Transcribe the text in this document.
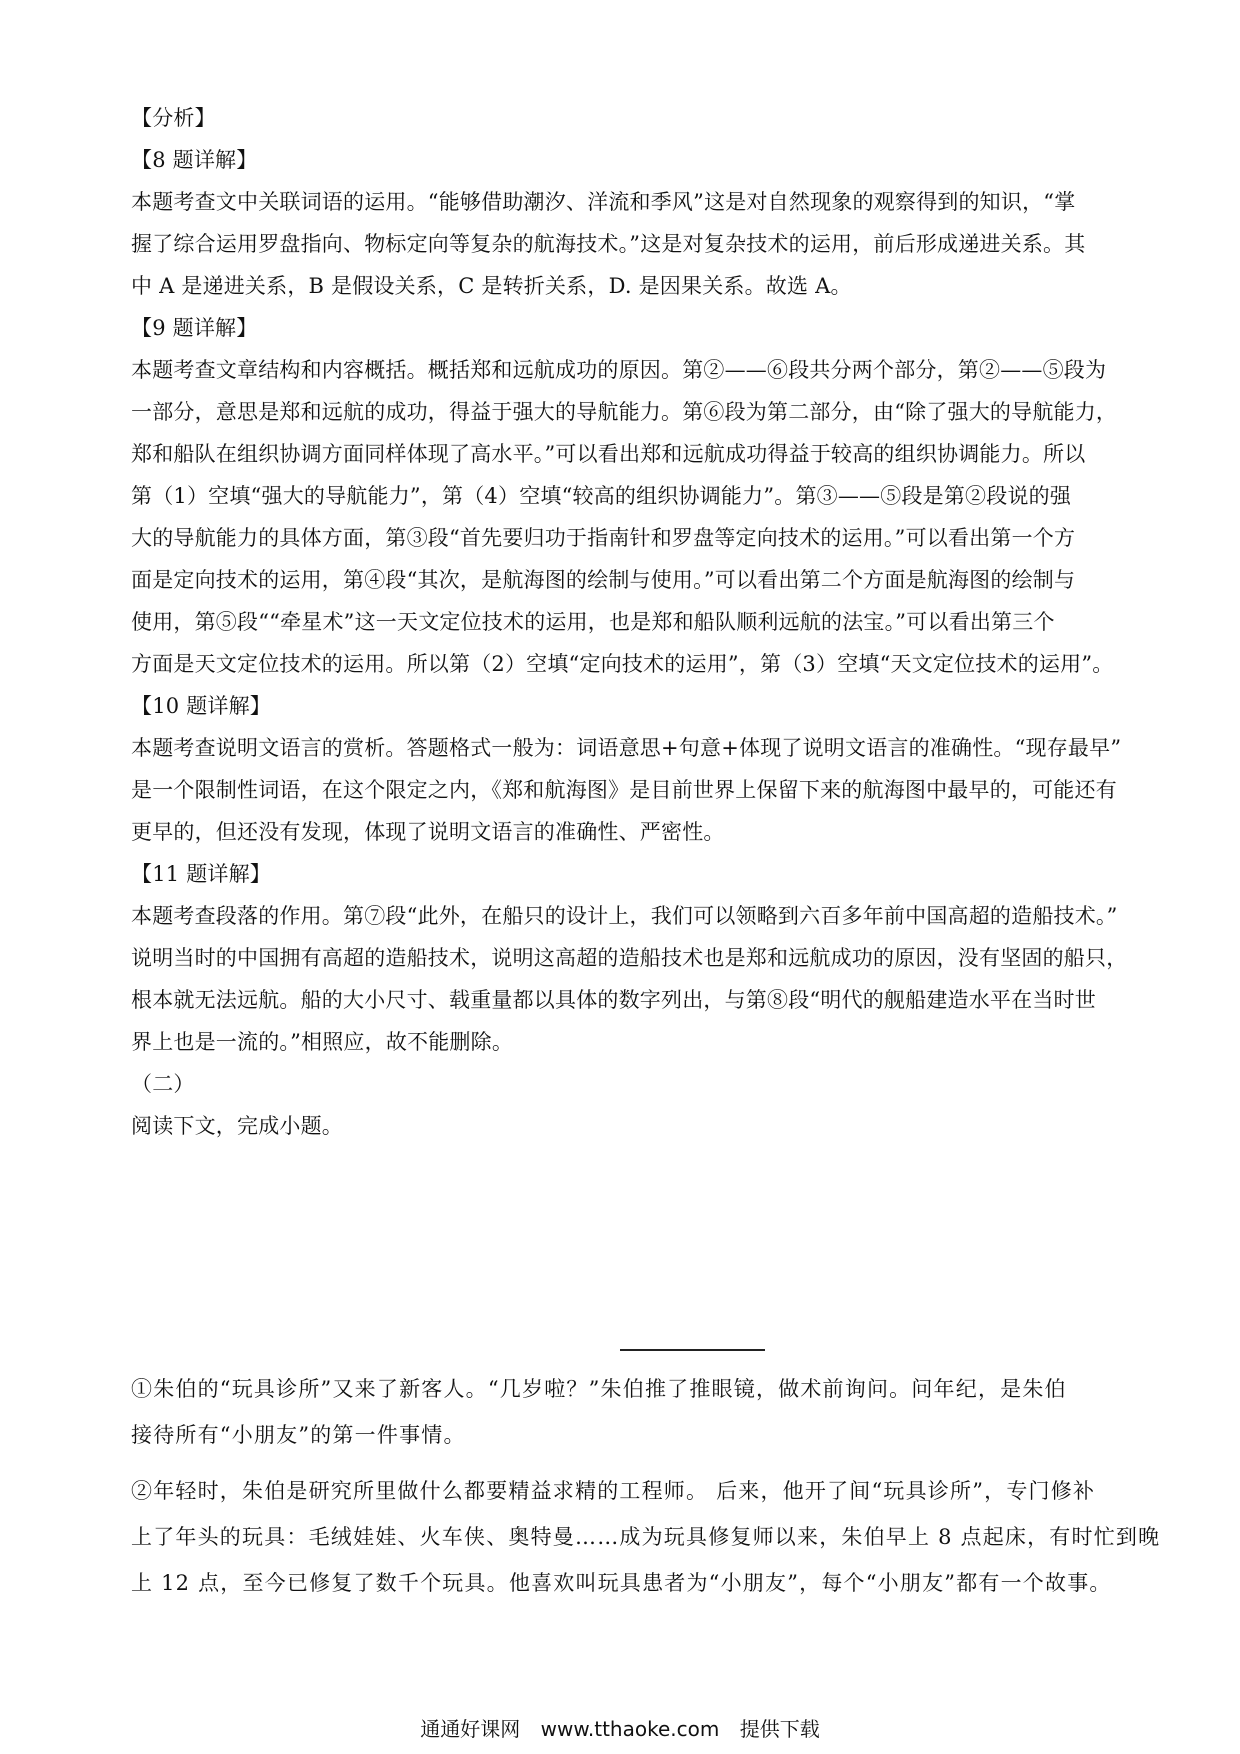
【分析】
【8 题详解】
本题考查文中关联词语的运用。“能够借助潮汐、洋流和季风”这是对自然现象的观察得到的知识，“掌
握了综合运用罗盘指向、物标定向等复杂的航海技术。”这是对复杂技术的运用，前后形成递进关系。其
中 A 是递进关系，B 是假设关系，C 是转折关系，D. 是因果关系。故选 A。
【9 题详解】
本题考查文章结构和内容概括。概括郑和远航成功的原因。第②——⑥段共分两个部分，第②——⑤段为
一部分，意思是郑和远航的成功，得益于强大的导航能力。第⑥段为第二部分，由“除了强大的导航能力，
郑和船队在组织协调方面同样体现了高水平。”可以看出郑和远航成功得益于较高的组织协调能力。所以
第（1）空填“强大的导航能力”，第（4）空填“较高的组织协调能力”。第③——⑤段是第②段说的强
大的导航能力的具体方面，第③段“首先要归功于指南针和罗盘等定向技术的运用。”可以看出第一个方
面是定向技术的运用，第④段“其次，是航海图的绘制与使用。”可以看出第二个方面是航海图的绘制与
使用，第⑤段““牵星术”这一天文定位技术的运用，也是郑和船队顺利远航的法宝。”可以看出第三个
方面是天文定位技术的运用。所以第（2）空填“定向技术的运用”，第（3）空填“天文定位技术的运用”。
【10 题详解】
本题考查说明文语言的赏析。答题格式一般为：词语意思+句意+体现了说明文语言的准确性。“现存最早”
是一个限制性词语，在这个限定之内，《郑和航海图》是目前世界上保留下来的航海图中最早的，可能还有
更早的，但还没有发现，体现了说明文语言的准确性、严密性。
【11 题详解】
本题考查段落的作用。第⑦段“此外，在船只的设计上，我们可以领略到六百多年前中国高超的造船技术。”
说明当时的中国拥有高超的造船技术，说明这高超的造船技术也是郑和远航成功的原因，没有坚固的船只，
根本就无法远航。船的大小尺寸、载重量都以具体的数字列出，与第⑧段“明代的舰船建造水平在当时世
界上也是一流的。”相照应，故不能删除。
（二）
阅读下文，完成小题。
①朱伯的“玩具诊所”又来了新客人。“几岁啦？”朱伯推了推眼镜，做术前询问。问年纪，是朱伯
接待所有“小朋友”的第一件事情。
②年轻时，朱伯是研究所里做什么都要精益求精的工程师。 后来，他开了间“玩具诊所”，专门修补
上了年头的玩具：毛绒娃娃、火车侠、奥特曼……成为玩具修复师以来，朱伯早上 8 点起床，有时忙到晚
上 12 点，至今已修复了数千个玩具。他喜欢叫玩具患者为“小朋友”，每个“小朋友”都有一个故事。
通通好课网 www.tthaoke.com 提供下载
